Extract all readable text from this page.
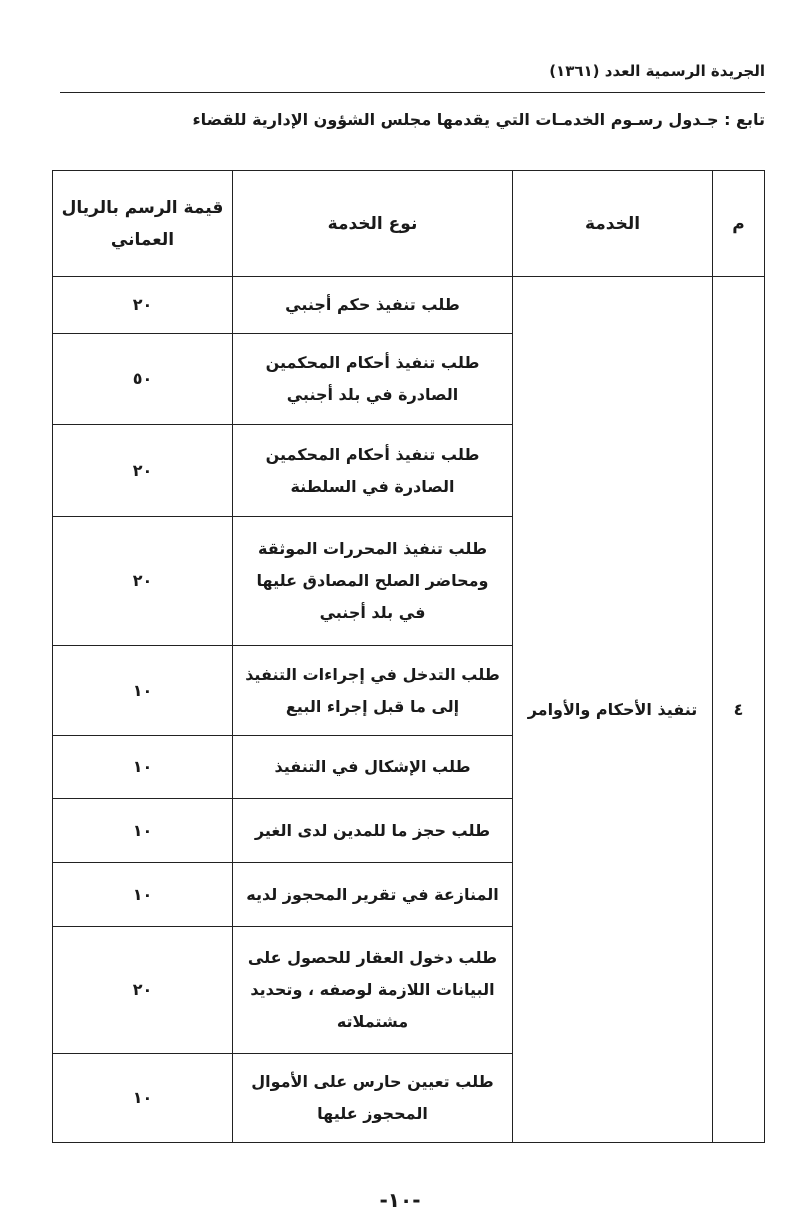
الجريدة الرسمية العدد (١٣٦١)
تابع : جـدول رسـوم الخدمـات التي يقدمها مجلس الشؤون الإدارية للقضاء
م	الخدمة	نوع الخدمة	قيمة الرسم بالريال العماني
٤	تنفيذ الأحكام والأوامر	طلب تنفيذ حكم أجنبي	٢٠
		طلب تنفيذ أحكام المحكمين الصادرة في بلد أجنبي	٥٠
		طلب تنفيذ أحكام المحكمين الصادرة في السلطنة	٢٠
		طلب تنفيذ المحررات الموثقة ومحاضر الصلح المصادق عليها في بلد أجنبي	٢٠
		طلب التدخل في إجراءات التنفيذ إلى ما قبل إجراء البيع	١٠
		طلب الإشكال في التنفيذ	١٠
		طلب حجز ما للمدين لدى الغير	١٠
		المنازعة في تقرير المحجوز لديه	١٠
		طلب دخول العقار للحصول على البيانات اللازمة لوصفه ، وتحديد مشتملاته	٢٠
		طلب تعيين حارس على الأموال المحجوز عليها	١٠
-١٠-
